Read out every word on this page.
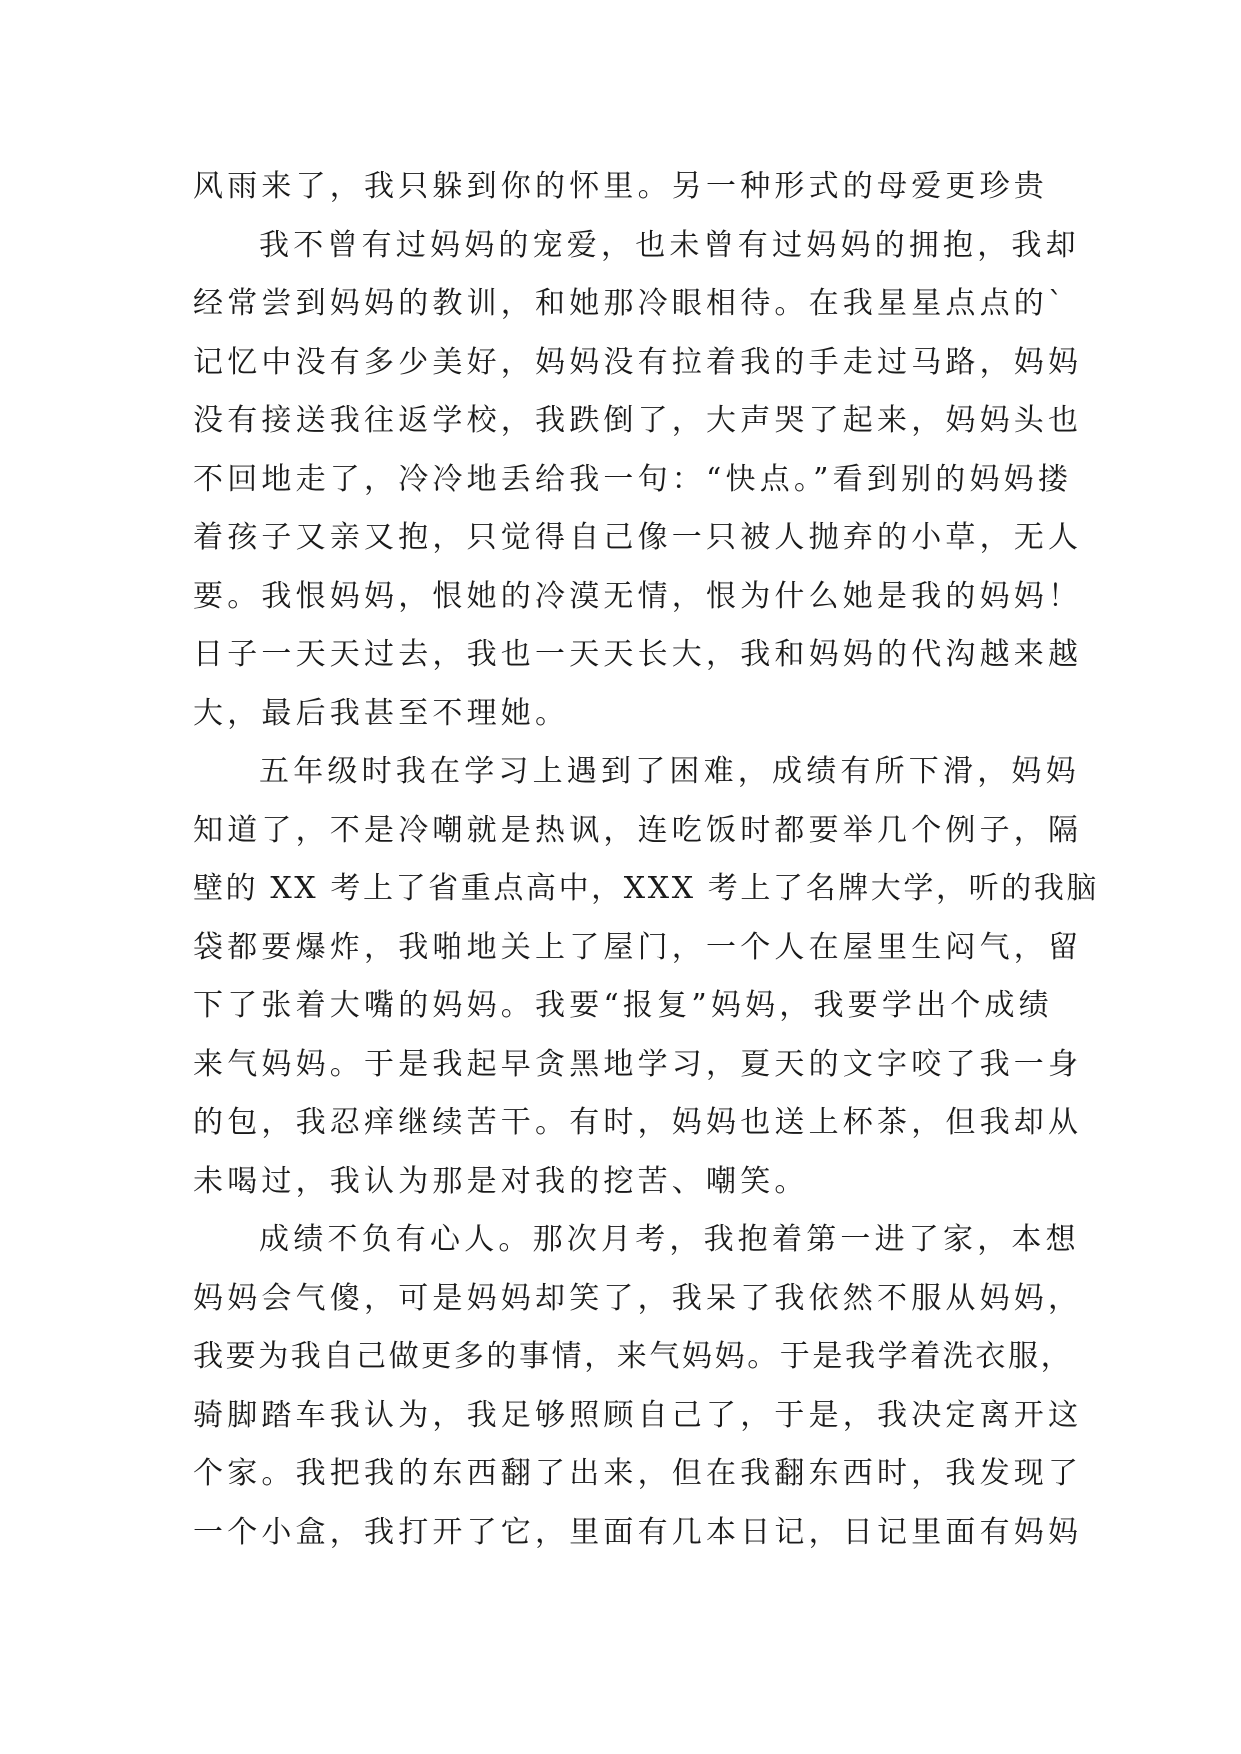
风雨来了，我只躲到你的怀里。另一种形式的母爱更珍贵
我不曾有过妈妈的宠爱，也未曾有过妈妈的拥抱，我却
经常尝到妈妈的教训，和她那冷眼相待。在我星星点点的`
记忆中没有多少美好，妈妈没有拉着我的手走过马路，妈妈
没有接送我往返学校，我跌倒了，大声哭了起来，妈妈头也
不回地走了，冷冷地丢给我一句：“快点。”看到别的妈妈搂
着孩子又亲又抱，只觉得自己像一只被人抛弃的小草，无人
要。我恨妈妈，恨她的冷漠无情，恨为什么她是我的妈妈！
日子一天天过去，我也一天天长大，我和妈妈的代沟越来越
大，最后我甚至不理她。
五年级时我在学习上遇到了困难，成绩有所下滑，妈妈
知道了，不是冷嘲就是热讽，连吃饭时都要举几个例子，隔
壁的 XX 考上了省重点高中，XXX 考上了名牌大学，听的我脑
袋都要爆炸，我啪地关上了屋门，一个人在屋里生闷气，留
下了张着大嘴的妈妈。我要“报复”妈妈，我要学出个成绩
来气妈妈。于是我起早贪黑地学习，夏天的文字咬了我一身
的包，我忍痒继续苦干。有时，妈妈也送上杯茶，但我却从
未喝过，我认为那是对我的挖苦、嘲笑。
成绩不负有心人。那次月考，我抱着第一进了家，本想
妈妈会气傻，可是妈妈却笑了，我呆了我依然不服从妈妈，
我要为我自己做更多的事情，来气妈妈。于是我学着洗衣服，
骑脚踏车我认为，我足够照顾自己了，于是，我决定离开这
个家。我把我的东西翻了出来，但在我翻东西时，我发现了
一个小盒，我打开了它，里面有几本日记，日记里面有妈妈
